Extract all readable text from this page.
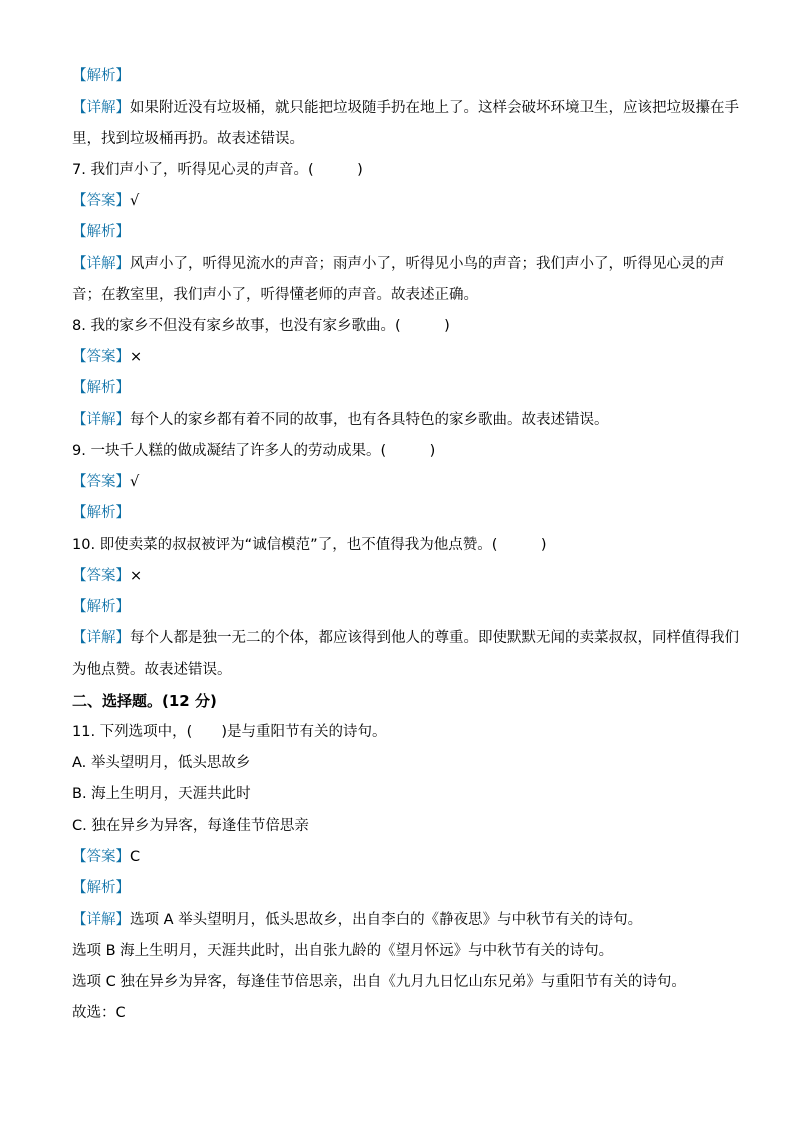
【解析】
【详解】如果附近没有垃圾桶，就只能把垃圾随手扔在地上了。这样会破坏环境卫生，应该把垃圾攥在手
里，找到垃圾桶再扔。故表述错误。
7. 我们声小了，听得见心灵的声音。(　　　)
【答案】√
【解析】
【详解】风声小了，听得见流水的声音；雨声小了，听得见小鸟的声音；我们声小了，听得见心灵的声
音；在教室里，我们声小了，听得懂老师的声音。故表述正确。
8. 我的家乡不但没有家乡故事，也没有家乡歌曲。(　　　)
【答案】×
【解析】
【详解】每个人的家乡都有着不同的故事，也有各具特色的家乡歌曲。故表述错误。
9. 一块千人糕的做成凝结了许多人的劳动成果。(　　　)
【答案】√
【解析】
10. 即使卖菜的叔叔被评为“诚信模范”了，也不值得我为他点赞。(　　　)
【答案】×
【解析】
【详解】每个人都是独一无二的个体，都应该得到他人的尊重。即使默默无闻的卖菜叔叔，同样值得我们
为他点赞。故表述错误。
二、选择题。(12 分)
11. 下列选项中，(　　)是与重阳节有关的诗句。
A. 举头望明月，低头思故乡
B. 海上生明月，天涯共此时
C. 独在异乡为异客，每逢佳节倍思亲
【答案】C
【解析】
【详解】选项 A 举头望明月，低头思故乡，出自李白的《静夜思》与中秋节有关的诗句。
选项 B 海上生明月，天涯共此时，出自张九龄的《望月怀远》与中秋节有关的诗句。
选项 C 独在异乡为异客，每逢佳节倍思亲，出自《九月九日忆山东兄弟》与重阳节有关的诗句。
故选：C
